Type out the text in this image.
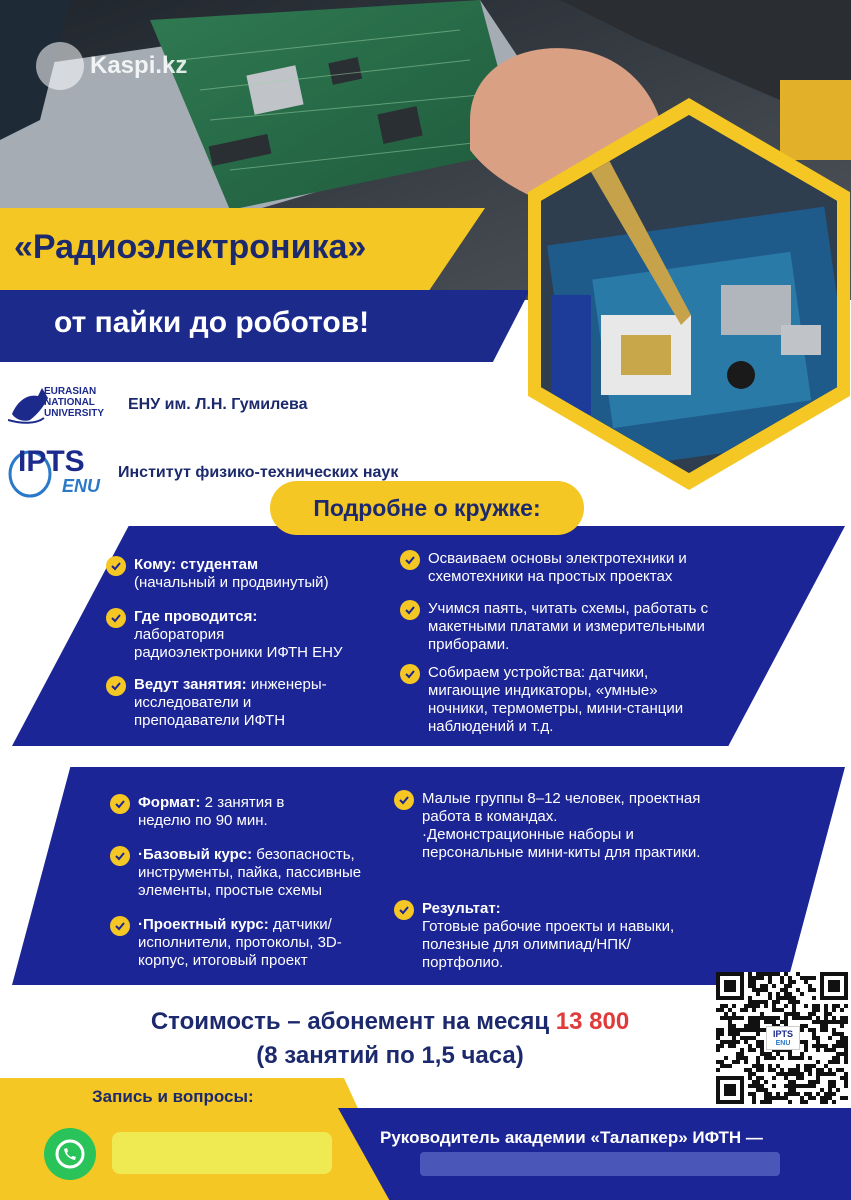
Kaspi.kz
«Радиоэлектроника»
от пайки до роботов!
EURASIAN
NATIONAL
UNIVERSITY
ЕНУ им. Л.Н. Гумилева
IPTS
ENU
Институт физико-технических наук
Подробне о кружке:
Кому: студентам
(начальный и продвинутый)
Где проводится:
лаборатория
радиоэлектроники ИФТН ЕНУ
Ведут занятия: инженеры-
исследователи и
преподаватели ИФТН
Осваиваем основы электротехники и
схемотехники на простых проектах
Учимся паять, читать схемы, работать с
макетными платами и измерительными
приборами.
Собираем устройства: датчики,
мигающие индикаторы, «умные»
ночники, термометры, мини-станции
наблюдений и т.д.
Формат: 2 занятия в
неделю по 90 мин.
·Базовый курс: безопасность,
инструменты, пайка, пассивные
элементы, простые схемы
·Проектный курс: датчики/
исполнители, протоколы, 3D-
корпус, итоговый проект
Малые группы 8–12 человек, проектная
работа в командах.
·Демонстрационные наборы и
персональные мини-киты для практики.
Результат:
Готовые рабочие проекты и навыки,
полезные для олимпиад/НПК/
портфолио.
Стоимость – абонемент на месяц 13 800
(8 занятий по 1,5 часа)
IPTS
ENU
Запись и вопросы:
Руководитель академии «Талапкер» ИФТН —
